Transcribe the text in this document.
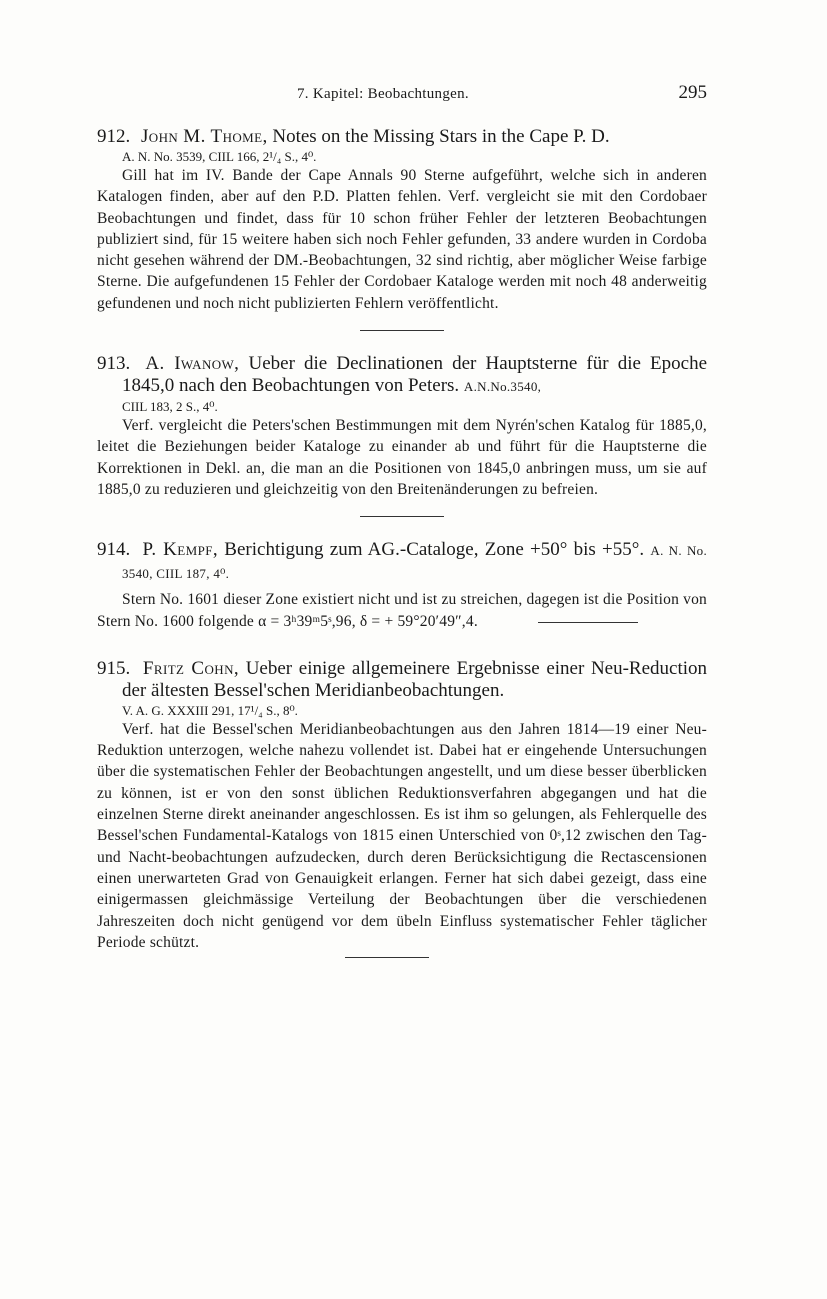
7. Kapitel: Beobachtungen.	295
912. John M. Thome, Notes on the Missing Stars in the Cape P. D.
A. N. No. 3539, CIIL 166, 2¹/₄ S., 4⁰.

Gill hat im IV. Bande der Cape Annals 90 Sterne aufgeführt, welche sich in anderen Katalogen finden, aber auf den P.D. Platten fehlen. Verf. vergleicht sie mit den Cordobaer Beobachtungen und findet, dass für 10 schon früher Fehler der letzteren Beobachtungen publiziert sind, für 15 weitere haben sich noch Fehler gefunden, 33 andere wurden in Cordoba nicht gesehen während der DM.-Beobachtungen, 32 sind richtig, aber möglicher Weise farbige Sterne. Die aufgefundenen 15 Fehler der Cordobaer Kataloge werden mit noch 48 anderweitig gefundenen und noch nicht publizierten Fehlern veröffentlicht.

913. A. Iwanow, Ueber die Declinationen der Hauptsterne für die Epoche 1845,0 nach den Beobachtungen von Peters. A.N.No.3540,
CIIL 183, 2 S., 4⁰.

Verf. vergleicht die Peters'schen Bestimmungen mit dem Nyrén'schen Katalog für 1885,0, leitet die Beziehungen beider Kataloge zu einander ab und führt für die Hauptsterne die Korrektionen in Dekl. an, die man an die Positionen von 1845,0 anbringen muss, um sie auf 1885,0 zu reduzieren und gleichzeitig von den Breitenänderungen zu befreien.

914. P. Kempf, Berichtigung zum AG.-Cataloge, Zone +50° bis +55°. A. N. No. 3540, CIIL 187, 4⁰.

Stern No. 1601 dieser Zone existiert nicht und ist zu streichen, dagegen ist die Position von Stern No. 1600 folgende α = 3ʰ39ᵐ5ˢ,96, δ = + 59°20′49″,4.

915. Fritz Cohn, Ueber einige allgemeinere Ergebnisse einer Neu-Reduction der ältesten Bessel'schen Meridianbeobachtungen.
V. A. G. XXXIII 291, 17¹/₄ S., 8⁰.

Verf. hat die Bessel'schen Meridianbeobachtungen aus den Jahren 1814—19 einer Neu-Reduktion unterzogen, welche nahezu vollendet ist. Dabei hat er eingehende Untersuchungen über die systematischen Fehler der Beobachtungen angestellt, und um diese besser überblicken zu können, ist er von den sonst üblichen Reduktionsverfahren abgegangen und hat die einzelnen Sterne direkt aneinander angeschlossen. Es ist ihm so gelungen, als Fehlerquelle des Bessel'schen Fundamental-Katalogs von 1815 einen Unterschied von 0ˢ,12 zwischen den Tag- und Nacht-beobachtungen aufzudecken, durch deren Berücksichtigung die Rectascensionen einen unerwarteten Grad von Genauigkeit erlangen. Ferner hat sich dabei gezeigt, dass eine einigermassen gleichmässige Verteilung der Beobachtungen über die verschiedenen Jahreszeiten doch nicht genügend vor dem übeln Einfluss systematischer Fehler täglicher Periode schützt.
